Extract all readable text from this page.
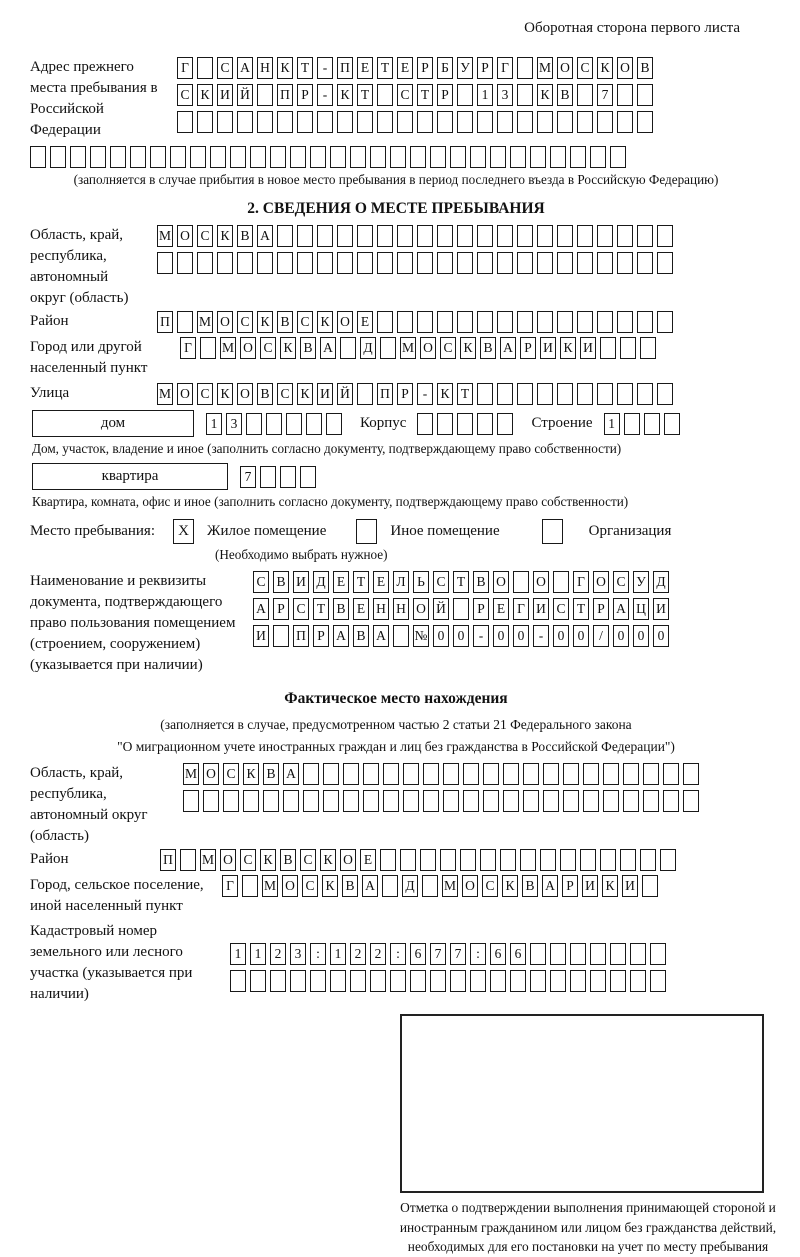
Оборотная сторона первого листа
Адрес прежнего места пребывания в Российской Федерации
Г	С А Н К Т	- П Е Т Е Р Б У Р Г	М О С К О В
С К И Й П Р	- К Т С Т Р	1 3	К В	7
(заполняется в случае прибытия в новое место пребывания в период последнего въезда в Российскую Федерацию)
2. СВЕДЕНИЯ О МЕСТЕ ПРЕБЫВАНИЯ
Область, край, республика, автономный округ (область)
М О С К В А
Район	П М О С К В С К О Е
Город или другой населенный пункт
Г	М О С К В А Д М О С К В А Р И К И
Улица	М О С К О В С К И Й П Р	- К Т
дом	1 3	Корпус	Строение	1
Дом, участок, владение и иное (заполнить согласно документу, подтверждающему право собственности)
квартира	7
Квартира, комната, офис и иное (заполнить согласно документу, подтверждающему право собственности)
Место пребывания:	X	Жилое помещение	Иное помещение	Организация
(Необходимо выбрать нужное)
Наименование и реквизиты документа, подтверждающего право пользования помещением (строением, сооружением) (указывается при наличии)
С В И Д Е Т Е Л Ь С Т В О О	Г О С У Д
А Р С Т В Е Н Н О Й	Р Е Г И С Т Р А Ц И
И П Р А В А № 0 0	-	0 0	-	0 0	/	0 0 0
Фактическое место нахождения
(заполняется в случае, предусмотренном частью 2 статьи 21 Федерального закона
"О миграционном учете иностранных граждан и лиц без гражданства в Российской Федерации")
Область, край, республика, автономный округ (область)
М О С К В А
Район	П М О С К В С К О Е
Город, сельское поселение, иной населенный пункт
Г	М О С К В А Д М О С К В А Р И К И
Кадастровый номер земельного или лесного участка (указывается при наличии)
1 1 2 3	:	1 2 2	:	6 7 7	:	6 6
Отметка о подтверждении выполнения принимающей стороной и иностранным гражданином или лицом без гражданства действий, необходимых для его постановки на учет по месту пребывания
